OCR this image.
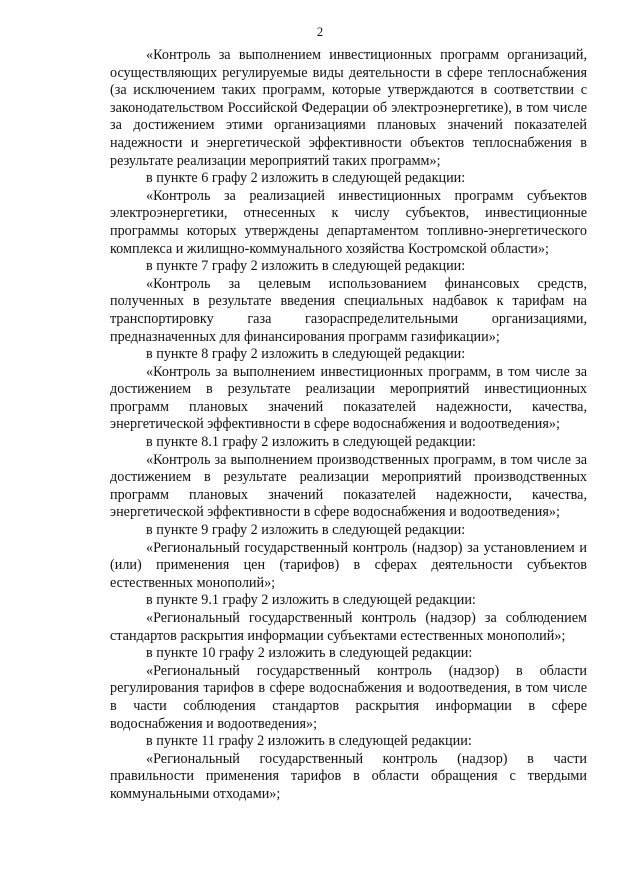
2

«Контроль за выполнением инвестиционных программ организаций, осуществляющих регулируемые виды деятельности в сфере теплоснабжения (за исключением таких программ, которые утверждаются в соответствии с законодательством Российской Федерации об электроэнергетике), в том числе за достижением этими организациями плановых значений показателей надежности и энергетической эффективности объектов теплоснабжения в результате реализации мероприятий таких программ»;

в пункте 6 графу 2 изложить в следующей редакции:

«Контроль за реализацией инвестиционных программ субъектов электроэнергетики, отнесенных к числу субъектов, инвестиционные программы которых утверждены департаментом топливно-энергетического комплекса и жилищно-коммунального хозяйства Костромской области»;

в пункте 7 графу 2 изложить в следующей редакции:

«Контроль за целевым использованием финансовых средств, полученных в результате введения специальных надбавок к тарифам на транспортировку газа газораспределительными организациями, предназначенных для финансирования программ газификации»;

в пункте 8 графу 2 изложить в следующей редакции:

«Контроль за выполнением инвестиционных программ, в том числе за достижением в результате реализации мероприятий инвестиционных программ плановых значений показателей надежности, качества, энергетической эффективности в сфере водоснабжения и водоотведения»;

в пункте 8.1 графу 2 изложить в следующей редакции:

«Контроль за выполнением производственных программ, в том числе за достижением в результате реализации мероприятий производственных программ плановых значений показателей надежности, качества, энергетической эффективности в сфере водоснабжения и водоотведения»;

в пункте 9 графу 2 изложить в следующей редакции:

«Региональный государственный контроль (надзор) за установлением и (или) применения цен (тарифов) в сферах деятельности субъектов естественных монополий»;

в пункте 9.1 графу 2 изложить в следующей редакции:

«Региональный государственный контроль (надзор) за соблюдением стандартов раскрытия информации субъектами естественных монополий»;

в пункте 10 графу 2 изложить в следующей редакции:

«Региональный государственный контроль (надзор) в области регулирования тарифов в сфере водоснабжения и водоотведения, в том числе в части соблюдения стандартов раскрытия информации в сфере водоснабжения и водоотведения»;

в пункте 11 графу 2 изложить в следующей редакции:

«Региональный государственный контроль (надзор) в части правильности применения тарифов в области обращения с твердыми коммунальными отходами»;
